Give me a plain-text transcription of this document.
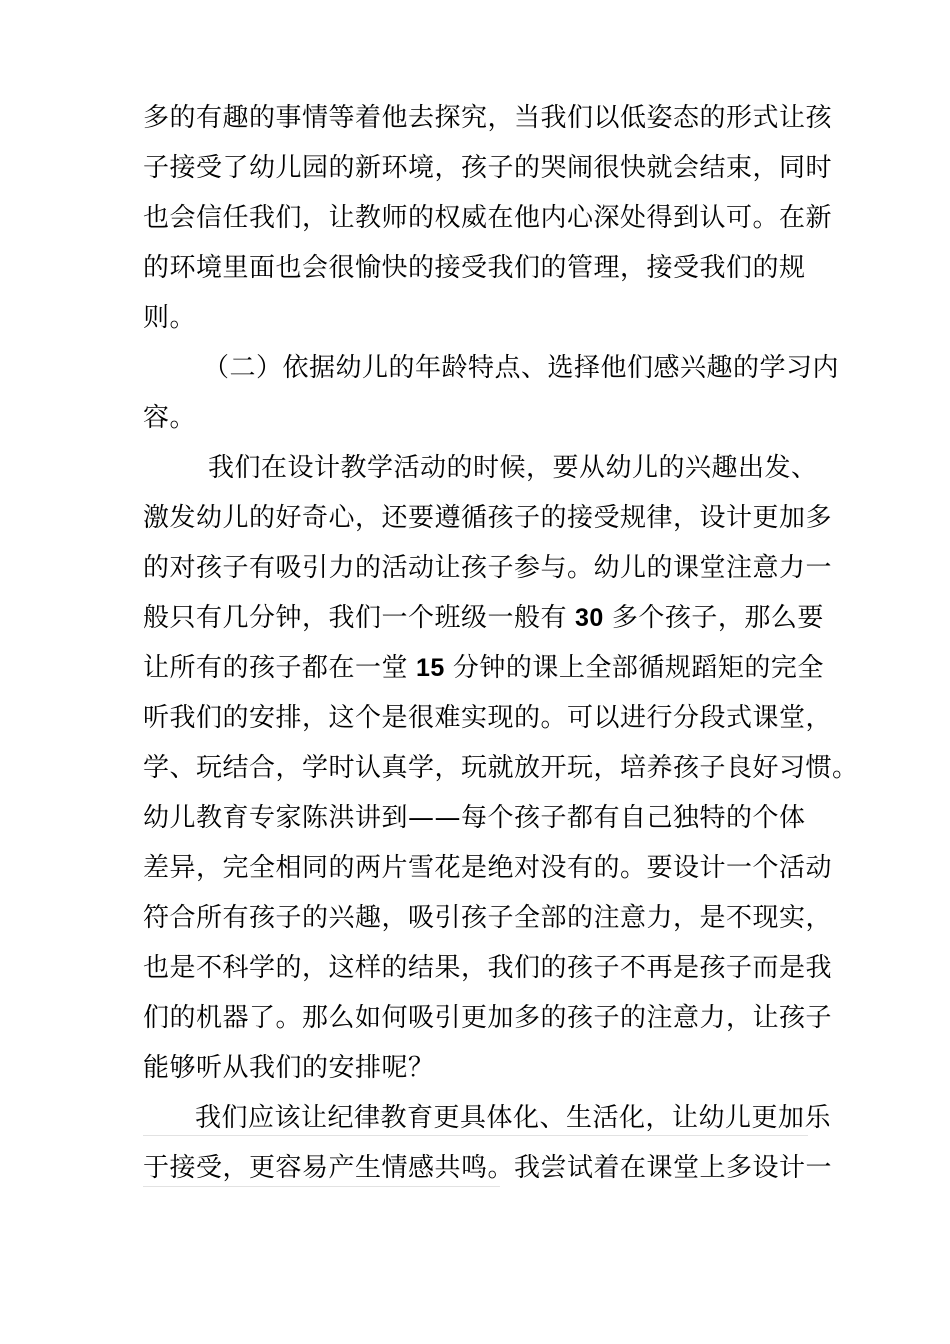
多的有趣的事情等着他去探究，当我们以低姿态的形式让孩
子接受了幼儿园的新环境，孩子的哭闹很快就会结束，同时
也会信任我们，让教师的权威在他内心深处得到认可。在新
的环境里面也会很愉快的接受我们的管理，接受我们的规
则。
（二）依据幼儿的年龄特点、选择他们感兴趣的学习内
容。
我们在设计教学活动的时候，要从幼儿的兴趣出发、
激发幼儿的好奇心，还要遵循孩子的接受规律，设计更加多
的对孩子有吸引力的活动让孩子参与。幼儿的课堂注意力一
般只有几分钟，我们一个班级一般有 30 多个孩子，那么要
让所有的孩子都在一堂 15 分钟的课上全部循规蹈矩的完全
听我们的安排，这个是很难实现的。可以进行分段式课堂，
学、玩结合，学时认真学，玩就放开玩，培养孩子良好习惯。
幼儿教育专家陈洪讲到——每个孩子都有自己独特的个体
差异，完全相同的两片雪花是绝对没有的。要设计一个活动
符合所有孩子的兴趣，吸引孩子全部的注意力，是不现实，
也是不科学的，这样的结果，我们的孩子不再是孩子而是我
们的机器了。那么如何吸引更加多的孩子的注意力，让孩子
能够听从我们的安排呢？
我们应该让纪律教育更具体化、生活化，让幼儿更加乐
于接受，更容易产生情感共鸣。我尝试着在课堂上多设计一
